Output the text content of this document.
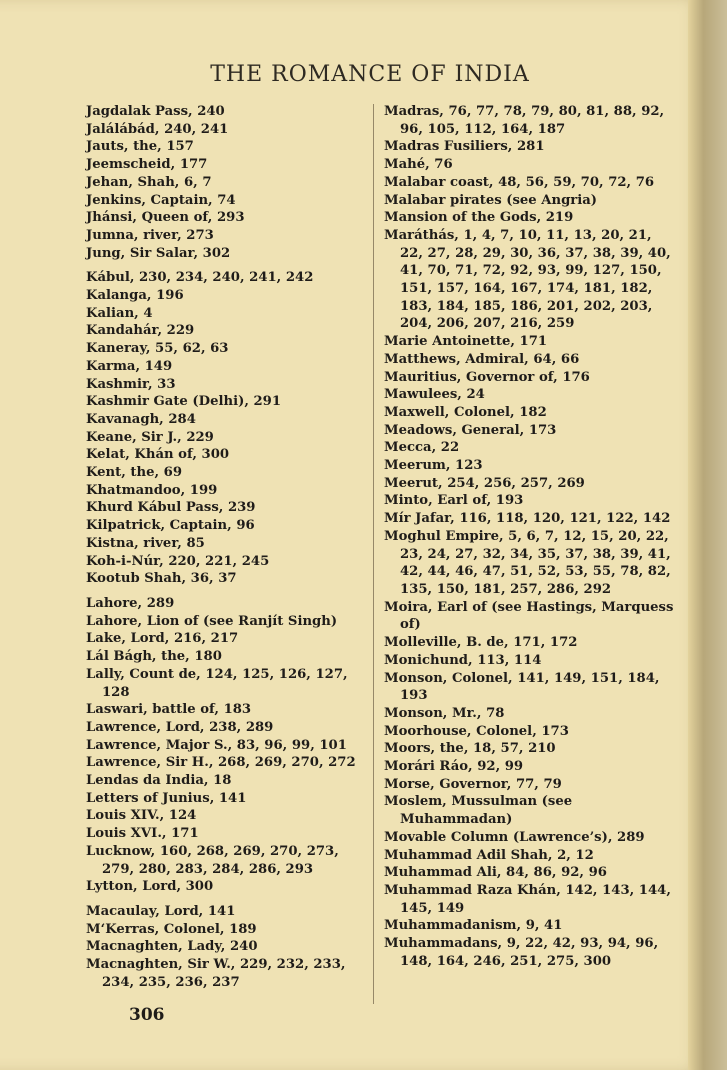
THE ROMANCE OF INDIA
Jagdalak Pass, 240
Jalálábád, 240, 241
Jauts, the, 157
Jeemscheid, 177
Jehan, Shah, 6, 7
Jenkins, Captain, 74
Jhánsi, Queen of, 293
Jumna, river, 273
Jung, Sir Salar, 302
Kábul, 230, 234, 240, 241, 242
Kalanga, 196
Kalian, 4
Kandahár, 229
Kaneray, 55, 62, 63
Karma, 149
Kashmir, 33
Kashmir Gate (Delhi), 291
Kavanagh, 284
Keane, Sir J., 229
Kelat, Khán of, 300
Kent, the, 69
Khatmandoo, 199
Khurd Kábul Pass, 239
Kilpatrick, Captain, 96
Kistna, river, 85
Koh-i-Núr, 220, 221, 245
Kootub Shah, 36, 37
Lahore, 289
Lahore, Lion of (see Ranjít Singh)
Lake, Lord, 216, 217
Lál Bágh, the, 180
Lally, Count de, 124, 125, 126, 127, 128
Laswari, battle of, 183
Lawrence, Lord, 238, 289
Lawrence, Major S., 83, 96, 99, 101
Lawrence, Sir H., 268, 269, 270, 272
Lendas da India, 18
Letters of Junius, 141
Louis XIV., 124
Louis XVI., 171
Lucknow, 160, 268, 269, 270, 273, 279, 280, 283, 284, 286, 293
Lytton, Lord, 300
Macaulay, Lord, 141
M‘Kerras, Colonel, 189
Macnaghten, Lady, 240
Macnaghten, Sir W., 229, 232, 233, 234, 235, 236, 237
Madras, 76, 77, 78, 79, 80, 81, 88, 92, 96, 105, 112, 164, 187
Madras Fusiliers, 281
Mahé, 76
Malabar coast, 48, 56, 59, 70, 72, 76
Malabar pirates (see Angria)
Mansion of the Gods, 219
Maráthás, 1, 4, 7, 10, 11, 13, 20, 21, 22, 27, 28, 29, 30, 36, 37, 38, 39, 40, 41, 70, 71, 72, 92, 93, 99, 127, 150, 151, 157, 164, 167, 174, 181, 182, 183, 184, 185, 186, 201, 202, 203, 204, 206, 207, 216, 259
Marie Antoinette, 171
Matthews, Admiral, 64, 66
Mauritius, Governor of, 176
Mawulees, 24
Maxwell, Colonel, 182
Meadows, General, 173
Mecca, 22
Meerum, 123
Meerut, 254, 256, 257, 269
Minto, Earl of, 193
Mír Jafar, 116, 118, 120, 121, 122, 142
Moghul Empire, 5, 6, 7, 12, 15, 20, 22, 23, 24, 27, 32, 34, 35, 37, 38, 39, 41, 42, 44, 46, 47, 51, 52, 53, 55, 78, 82, 135, 150, 181, 257, 286, 292
Moira, Earl of (see Hastings, Marquess of)
Molleville, B. de, 171, 172
Monichund, 113, 114
Monson, Colonel, 141, 149, 151, 184, 193
Monson, Mr., 78
Moorhouse, Colonel, 173
Moors, the, 18, 57, 210
Morári Ráo, 92, 99
Morse, Governor, 77, 79
Moslem, Mussulman (see Muhammadan)
Movable Column (Lawrence’s), 289
Muhammad Adil Shah, 2, 12
Muhammad Ali, 84, 86, 92, 96
Muhammad Raza Khán, 142, 143, 144, 145, 149
Muhammadanism, 9, 41
Muhammadans, 9, 22, 42, 93, 94, 96, 148, 164, 246, 251, 275, 300
306
